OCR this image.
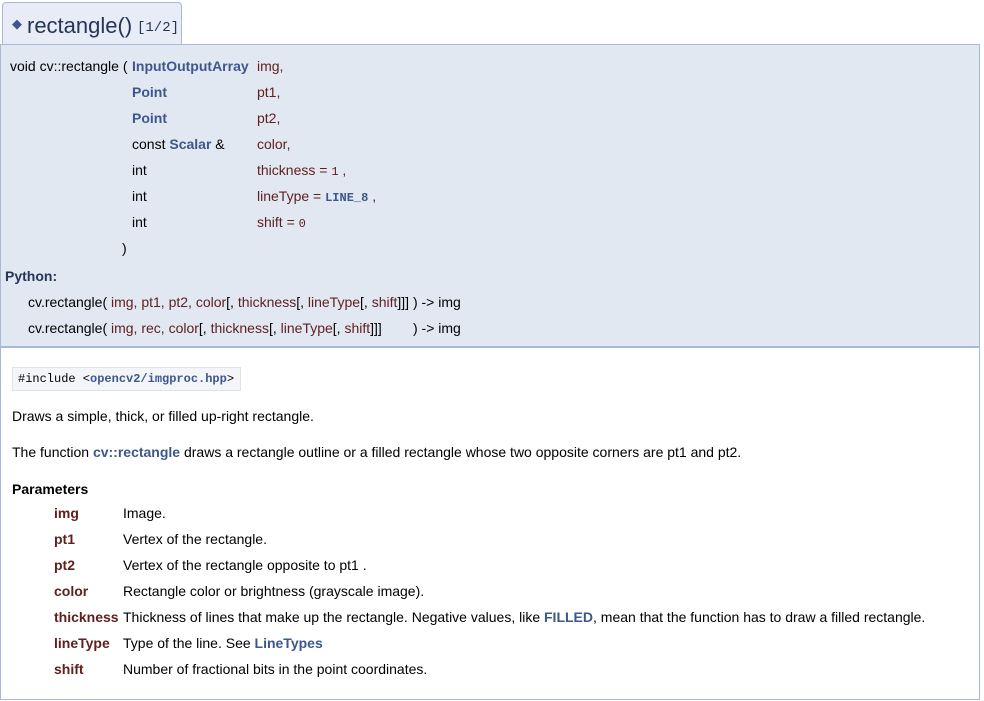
◆ rectangle() [1/2]
void cv::rectangle ( InputOutputArray img,
Point	pt1,
Point	pt2,
const Scalar & color,
int	thickness = 1 ,
int	lineType = LINE_8 ,
int	shift = 0
)
Python:
cv.rectangle( img, pt1, pt2, color[, thickness[, lineType[, shift]]] ) -> img
cv.rectangle( img, rec, color[, thickness[, lineType[, shift]]] ) -> img
#include <opencv2/imgproc.hpp>
Draws a simple, thick, or filled up-right rectangle.
The function cv::rectangle draws a rectangle outline or a filled rectangle whose two opposite corners are pt1 and pt2.
Parameters
img	Image.
pt1	Vertex of the rectangle.
pt2	Vertex of the rectangle opposite to pt1 .
color Rectangle color or brightness (grayscale image).
thickness Thickness of lines that make up the rectangle. Negative values, like FILLED, mean that the function has to draw a filled rectangle.
lineType Type of the line. See LineTypes
shift	Number of fractional bits in the point coordinates.
